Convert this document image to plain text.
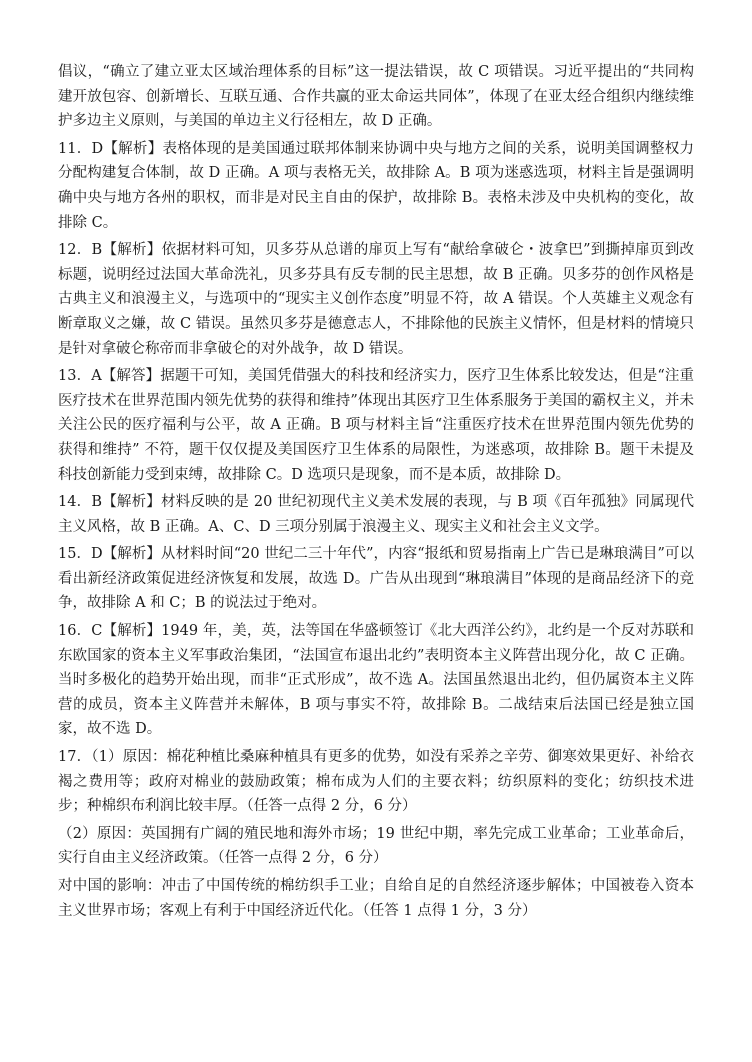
倡议，“确立了建立亚太区域治理体系的目标”这一提法错误，故 C 项错误。习近平提出的“共同构建开放包容、创新增长、互联互通、合作共赢的亚太命运共同体”，体现了在亚太经合组织内继续维护多边主义原则，与美国的单边主义行径相左，故 D 正确。

11．D【解析】表格体现的是美国通过联邦体制来协调中央与地方之间的关系，说明美国调整权力分配构建复合体制，故 D 正确。A 项与表格无关，故排除 A。B 项为迷惑选项，材料主旨是强调明确中央与地方各州的职权，而非是对民主自由的保护，故排除 B。表格未涉及中央机构的变化，故排除 C。

12．B【解析】依据材料可知，贝多芬从总谱的扉页上写有“献给拿破仑・波拿巴”到撕掉扉页到改标题，说明经过法国大革命洗礼，贝多芬具有反专制的民主思想，故 B 正确。贝多芬的创作风格是古典主义和浪漫主义，与选项中的“现实主义创作态度”明显不符，故 A 错误。个人英雄主义观念有断章取义之嫌，故 C 错误。虽然贝多芬是德意志人，不排除他的民族主义情怀，但是材料的情境只是针对拿破仑称帝而非拿破仑的对外战争，故 D 错误。

13．A【解答】据题干可知，美国凭借强大的科技和经济实力，医疗卫生体系比较发达，但是“注重医疗技术在世界范围内领先优势的获得和维持”体现出其医疗卫生体系服务于美国的霸权主义，并未关注公民的医疗福利与公平，故 A 正确。B 项与材料主旨“注重医疗技术在世界范围内领先优势的获得和维持” 不符，题干仅仅提及美国医疗卫生体系的局限性，为迷惑项，故排除 B。题干未提及科技创新能力受到束缚，故排除 C。D 选项只是现象，而不是本质，故排除 D。

14．B【解析】材料反映的是 20 世纪初现代主义美术发展的表现，与 B 项《百年孤独》同属现代主义风格，故 B 正确。A、C、D 三项分别属于浪漫主义、现实主义和社会主义文学。

15．D【解析】从材料时间“20 世纪二三十年代”，内容“报纸和贸易指南上广告已是琳琅满目”可以看出新经济政策促进经济恢复和发展，故选 D。广告从出现到“琳琅满目”体现的是商品经济下的竞争，故排除 A 和 C；B 的说法过于绝对。

16．C【解析】1949 年，美，英，法等国在华盛顿签订《北大西洋公约》，北约是一个反对苏联和东欧国家的资本主义军事政治集团，“法国宣布退出北约”表明资本主义阵营出现分化，故 C 正确。当时多极化的趋势开始出现，而非“正式形成”，故不选 A。法国虽然退出北约，但仍属资本主义阵营的成员，资本主义阵营并未解体，B 项与事实不符，故排除 B。二战结束后法国已经是独立国家，故不选 D。

17．（1）原因：棉花种植比桑麻种植具有更多的优势，如没有采养之辛劳、御寒效果更好、补给衣褐之费用等；政府对棉业的鼓励政策；棉布成为人们的主要衣料；纺织原料的变化；纺织技术进步；种棉织布利润比较丰厚。（任答一点得 2 分，6 分）

（2）原因：英国拥有广阔的殖民地和海外市场；19 世纪中期，率先完成工业革命；工业革命后，实行自由主义经济政策。（任答一点得 2 分，6 分）

对中国的影响：冲击了中国传统的棉纺织手工业；自给自足的自然经济逐步解体；中国被卷入资本主义世界市场；客观上有利于中国经济近代化。（任答 1 点得 1 分，3 分）
